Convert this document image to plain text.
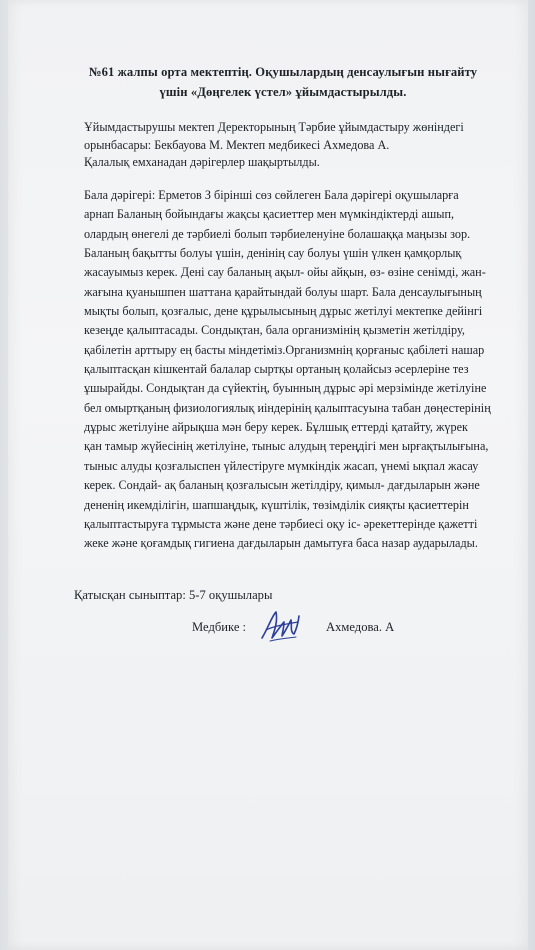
№61 жалпы орта мектептің. Оқушылардың денсаулығын нығайту
үшін «Дөңгелек үстел» ұйымдастырылды.
Ұйымдастырушы мектеп Деректорының Тәрбие ұйымдастыру жөніндегі
орынбасары: Бекбауова М. Мектеп медбикесі Ахмедова А.
Қалалық емханадан дәрігерлер шақыртылды.
Бала дәрігері: Ерметов З бірінші сөз сөйлеген Бала дәрігері оқушыларға
арнап Баланың бойындағы жақсы қасиеттер мен мүмкіндіктерді ашып,
олардың өнегелі де тәрбиелі болып тәрбиеленуіне болашаққа маңызы зор.
Баланың бақытты болуы үшін, денінің сау болуы үшін үлкен қамқорлық
жасауымыз керек. Дені сау баланың ақыл- ойы айқын, өз- өзіне сенімді, жан-
жағына қуанышпен шаттана қарайтындай болуы шарт. Бала денсаулығының
мықты болып, қозғалыс, дене құрылысының дұрыс жетілуі мектепке дейінгі
кезеңде қалыптасады. Сондықтан, бала организмінің қызметін жетілдіру,
қабілетін арттыру ең басты міндетіміз.Организмнің қорғаныс қабілеті нашар
қалыптасқан кішкентай балалар сыртқы ортаның қолайсыз әсерлеріне тез
ұшырайды. Сондықтан да сүйектің, буынның дұрыс әрі мерзімінде жетілуіне
бел омыртқаның физиологиялық иіндерінің қалыптасуына табан дөңестерінің
дұрыс жетілуіне айрықша мән беру керек. Бұлшық еттерді қатайту, жүрек
қан тамыр жүйесінің жетілуіне, тыныс алудың тереңдігі мен ырғақтылығына,
тыныс алуды қозғалыспен үйлестіруге мүмкіндік жасап, үнемі ықпал жасау
керек. Сондай- ақ баланың қозғалысын жетілдіру, қимыл- дағдыларын және
дененің икемділігін, шапшаңдық, күштілік, төзімділік сияқты қасиеттерін
қалыптастыруға тұрмыста және дене тәрбиесі оқу іс- әрекеттерінде қажетті
жеке және қоғамдық гигиена дағдыларын дамытуға баса назар аударылады.
Қатысқан сыныптар: 5-7 оқушылары
Медбике :	Ахмедова. А
